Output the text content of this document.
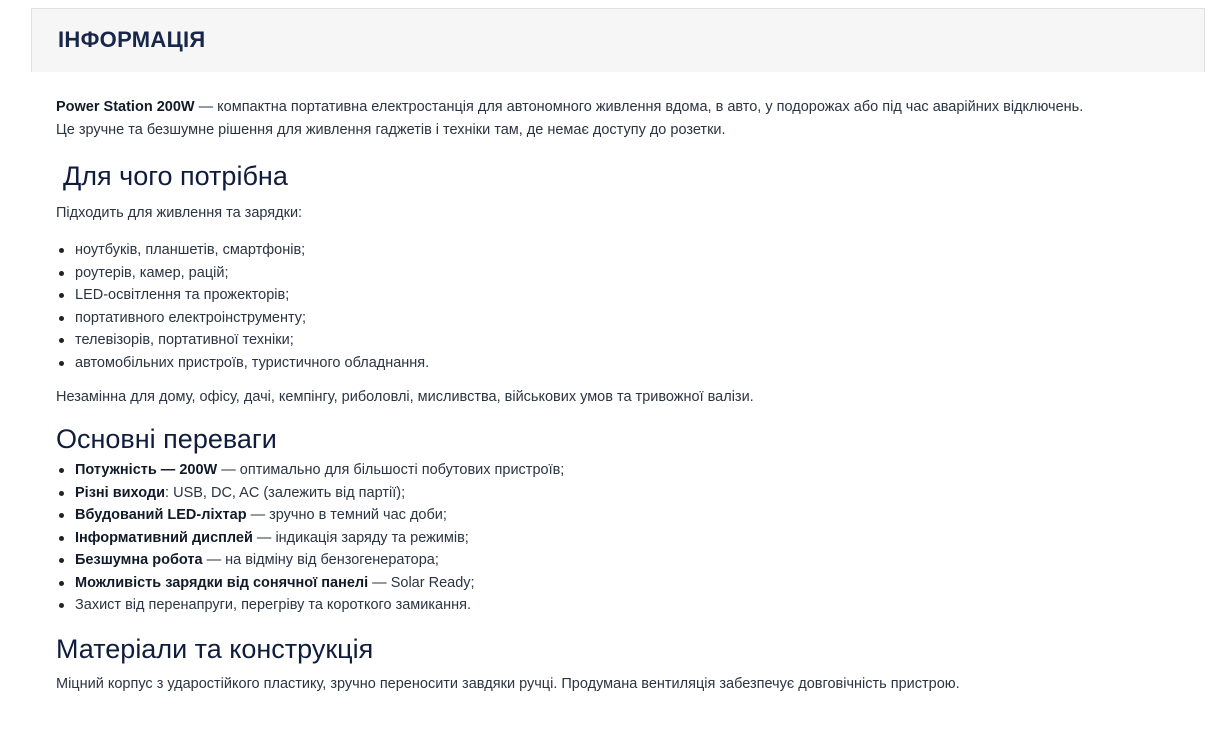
ІНФОРМАЦІЯ

Power Station 200W — компактна портативна електростанція для автономного живлення вдома, в авто, у подорожах або під час аварійних відключень.
Це зручне та безшумне рішення для живлення гаджетів і техніки там, де немає доступу до розетки.

Для чого потрібна

Підходить для живлення та зарядки:

ноутбуків, планшетів, смартфонів;
роутерів, камер, рацій;
LED-освітлення та прожекторів;
портативного електроінструменту;
телевізорів, портативної техніки;
автомобільних пристроїв, туристичного обладнання.

Незамінна для дому, офісу, дачі, кемпінгу, риболовлі, мисливства, військових умов та тривожної валізи.

Основні переваги
Потужність — 200W — оптимально для більшості побутових пристроїв;
Різні виходи: USB, DC, AC (залежить від партії);
Вбудований LED-ліхтар — зручно в темний час доби;
Інформативний дисплей — індикація заряду та режимів;
Безшумна робота — на відміну від бензогенератора;
Можливість зарядки від сонячної панелі — Solar Ready;
Захист від перенапруги, перегріву та короткого замикання.
Матеріали та конструкція

Міцний корпус з ударостійкого пластику, зручно переносити завдяки ручці. Продумана вентиляція забезпечує довговічність пристрою.
